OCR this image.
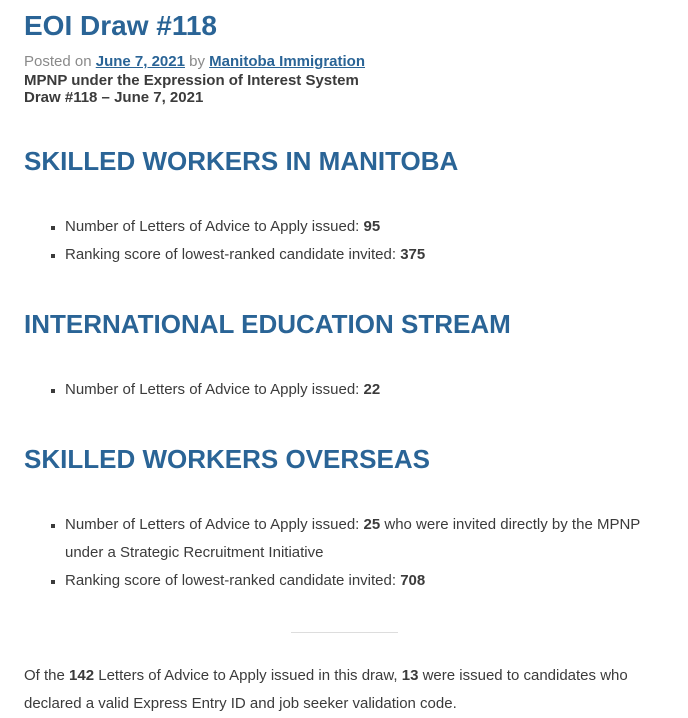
EOI Draw #118

Posted on June 7, 2021 by Manitoba Immigration

MPNP under the Expression of Interest System

Draw #118 – June 7, 2021

SKILLED WORKERS IN MANITOBA
▪ Number of Letters of Advice to Apply issued: 95
▪ Ranking score of lowest-ranked candidate invited: 375
INTERNATIONAL EDUCATION STREAM
▪ Number of Letters of Advice to Apply issued: 22
SKILLED WORKERS OVERSEAS
▪ Number of Letters of Advice to Apply issued: 25 who were invited directly by the MPNP under a Strategic Recruitment Initiative
▪ Ranking score of lowest-ranked candidate invited: 708

Of the 142 Letters of Advice to Apply issued in this draw, 13 were issued to candidates who declared a valid Express Entry ID and job seeker validation code.
